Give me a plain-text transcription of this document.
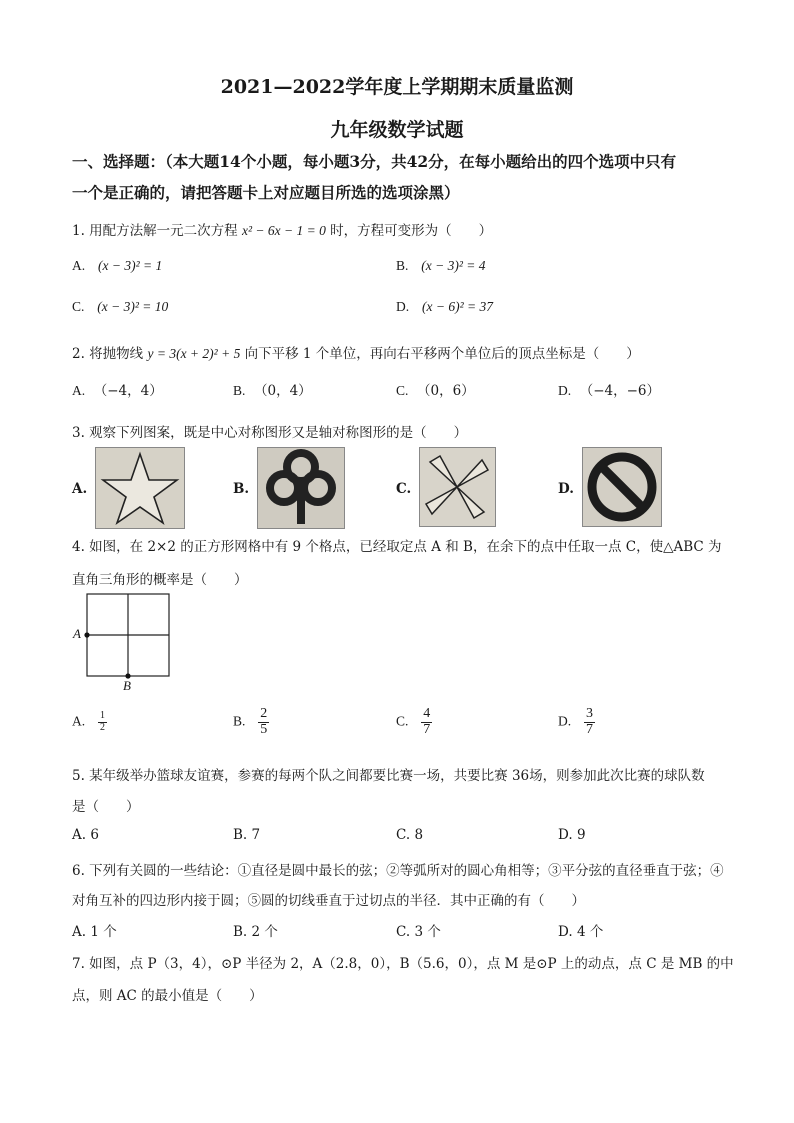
2021—2022学年度上学期期末质量监测
九年级数学试题
一、选择题：（本大题14个小题，每小题3分，共42分，在每小题给出的四个选项中只有
一个是正确的，请把答题卡上对应题目所选的选项涂黑）
1. 用配方法解一元二次方程 x² − 6x − 1 = 0 时，方程可变形为（　　）
A. (x − 3)² = 1	B. (x − 3)² = 4
C. (x − 3)² = 10	D. (x − 6)² = 37
2. 将抛物线 y = 3(x + 2)² + 5 向下平移 1 个单位，再向右平移两个单位后的顶点坐标是（　　）
A. （−4，4）	B. （0，4）	C. （0，6）	D. （−4，−6）
3. 观察下列图案，既是中心对称图形又是轴对称图形的是（　　）
A.	B.	C.	D.
4. 如图，在 2×2 的正方形网格中有 9 个格点，已经取定点 A 和 B，在余下的点中任取一点 C，使△ABC 为
直角三角形的概率是（　　）
A
B
A. $\frac{1}{2}$	B. $\frac{2}{5}$	C. $\frac{4}{7}$	D. $\frac{3}{7}$
5. 某年级举办篮球友谊赛，参赛的每两个队之间都要比赛一场，共要比赛 36场，则参加此次比赛的球队数
是（　　）
A. 6	B. 7	C. 8	D. 9
6. 下列有关圆的一些结论：①直径是圆中最长的弦；②等弧所对的圆心角相等；③平分弦的直径垂直于弦；④
对角互补的四边形内接于圆；⑤圆的切线垂直于过切点的半径．其中正确的有（　　）
A. 1 个	B. 2 个	C. 3 个	D. 4 个
7. 如图，点 P（3，4），⊙P 半径为 2，A（2.8，0），B（5.6，0），点 M 是⊙P 上的动点，点 C 是 MB 的中
点，则 AC 的最小值是（　　）
